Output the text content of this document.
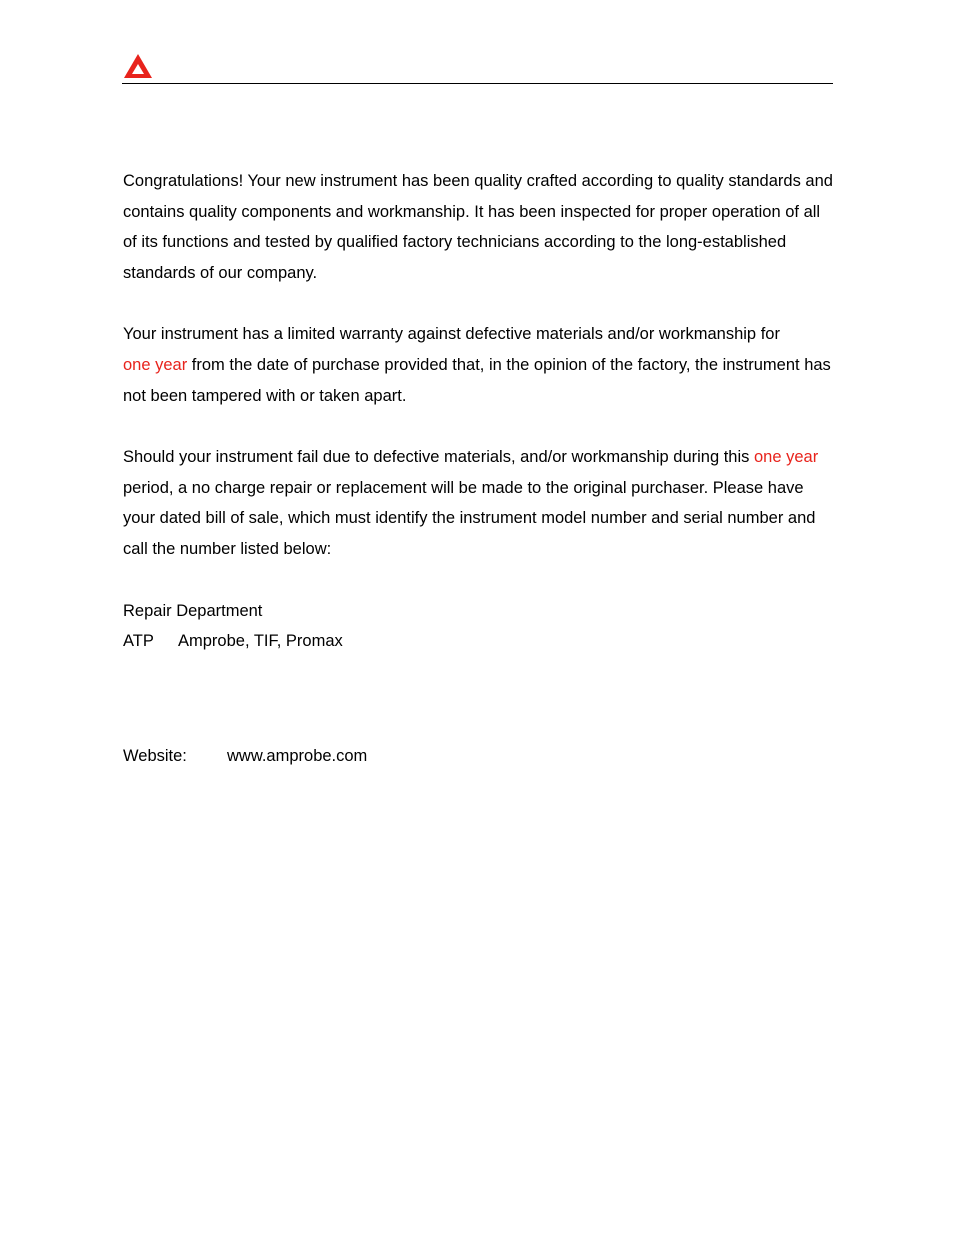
Congratulations! Your new instrument has been quality crafted according to quality standards and contains quality components and workmanship. It has been inspected for proper operation of all of its functions and tested by qualified factory technicians according to the long-established standards of our company.

Your instrument has a limited warranty against defective materials and/or workmanship for
one year from the date of purchase provided that, in the opinion of the factory, the instrument has not been tampered with or taken apart.

Should your instrument fail due to defective materials, and/or workmanship during this one year period, a no charge repair or replacement will be made to the original purchaser. Please have your dated bill of sale, which must identify the instrument model number and serial number and call the number listed below:

Repair Department
ATP Amprobe, TIF, Promax

Website: www.amprobe.com
